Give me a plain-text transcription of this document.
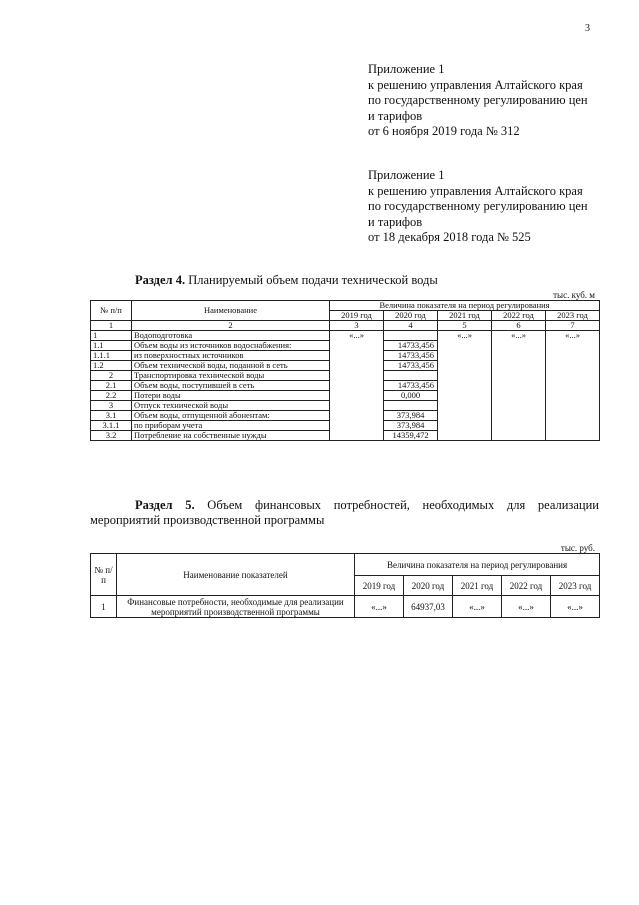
3
Приложение 1
к решению управления Алтайского края
по государственному регулированию цен
и тарифов
от 6 ноября 2019 года № 312
Приложение 1
к решению управления Алтайского края
по государственному регулированию цен
и тарифов
от 18 декабря 2018 года № 525
Раздел 4. Планируемый объем подачи технической воды
тыс. куб. м
№ п/п	Наименование	Величина показателя на период регулирования				
		2019 год	2020 год	2021 год	2022 год	2023 год
1	2	3	4	5	6	7
1	Водоподготовка	«...»		«...»	«...»	«...»
1.1	Объем воды из источников водоснабжения:		14733,456			
1.1.1	из поверхностных источников		14733,456			
1.2	Объем технической воды, поданной в сеть		14733,456			
2	Транспортировка технической воды					
2.1	Объем воды, поступившей в сеть		14733,456			
2.2	Потери воды		0,000			
3	Отпуск технической воды					
3.1	Объем воды, отпущенной абонентам:		373,984			
3.1.1	по приборам учета		373,984			
3.2	Потребление на собственные нужды		14359,472			
Раздел 5. Объем финансовых потребностей, необходимых для реализации
мероприятий производственной программы
тыс. руб.
№ п/п	Наименование показателей	Величина показателя на период регулирования				
		2019 год	2020 год	2021 год	2022 год	2023 год
1	Финансовые потребности, необходимые для реализации мероприятий производственной программы	«...»	64937,03	«...»	«...»	«...»
